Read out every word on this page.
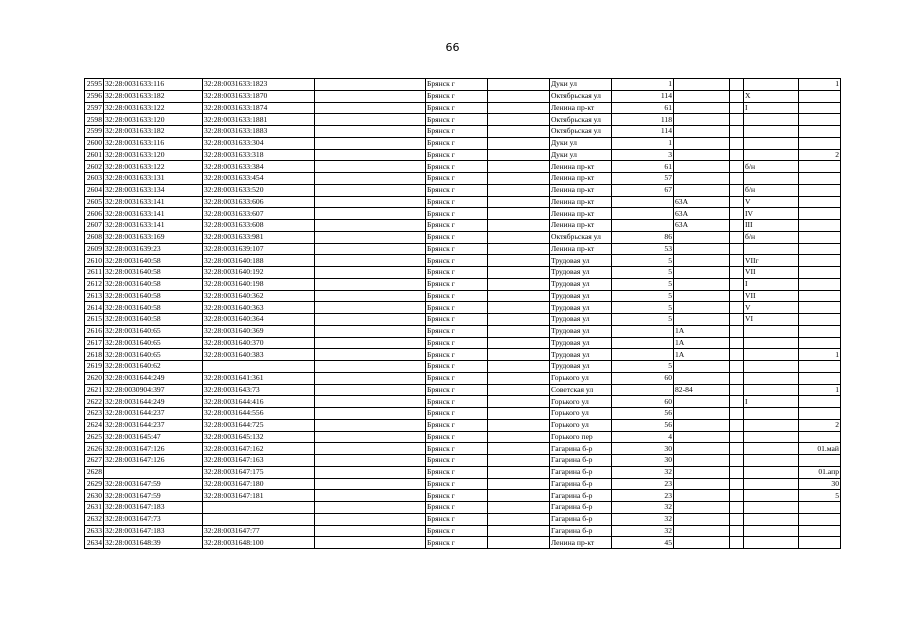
66
2595	32:28:0031633:116	32:28:0031633:1823		Брянск г		Дуки ул	1				1
2596	32:28:0031633:182	32:28:0031633:1870		Брянск г		Октябрьская ул	114			X	
2597	32:28:0031633:122	32:28:0031633:1874		Брянск г		Ленина пр-кт	61			I	
2598	32:28:0031633:120	32:28:0031633:1881		Брянск г		Октябрьская ул	118				
2599	32:28:0031633:182	32:28:0031633:1883		Брянск г		Октябрьская ул	114				
2600	32:28:0031633:116	32:28:0031633:304		Брянск г		Дуки ул	1				
2601	32:28:0031633:120	32:28:0031633:318		Брянск г		Дуки ул	3				2
2602	32:28:0031633:122	32:28:0031633:384		Брянск г		Ленина пр-кт	61			б/н	
2603	32:28:0031633:131	32:28:0031633:454		Брянск г		Ленина пр-кт	57				
2604	32:28:0031633:134	32:28:0031633:520		Брянск г		Ленина пр-кт	67			б/н	
2605	32:28:0031633:141	32:28:0031633:606		Брянск г		Ленина пр-кт		63А		V	
2606	32:28:0031633:141	32:28:0031633:607		Брянск г		Ленина пр-кт		63А		IV	
2607	32:28:0031633:141	32:28:0031633:608		Брянск г		Ленина пр-кт		63А		III	
2608	32:28:0031633:169	32:28:0031633:981		Брянск г		Октябрьская ул	86			б/н	
2609	32:28:0031639:23	32:28:0031639:107		Брянск г		Ленина пр-кт	53				
2610	32:28:0031640:58	32:28:0031640:188		Брянск г		Трудовая ул	5			VIIг	
2611	32:28:0031640:58	32:28:0031640:192		Брянск г		Трудовая ул	5			VII	
2612	32:28:0031640:58	32:28:0031640:198		Брянск г		Трудовая ул	5			I	
2613	32:28:0031640:58	32:28:0031640:362		Брянск г		Трудовая ул	5			VII	
2614	32:28:0031640:58	32:28:0031640:363		Брянск г		Трудовая ул	5			V	
2615	32:28:0031640:58	32:28:0031640:364		Брянск г		Трудовая ул	5			VI	
2616	32:28:0031640:65	32:28:0031640:369		Брянск г		Трудовая ул		1А			
2617	32:28:0031640:65	32:28:0031640:370		Брянск г		Трудовая ул		1А			
2618	32:28:0031640:65	32:28:0031640:383		Брянск г		Трудовая ул		1А			1
2619	32:28:0031640:62			Брянск г		Трудовая ул	5				
2620	32:28:0031644:249	32:28:0031641:361		Брянск г		Горького ул	60				
2621	32:28:0030904:397	32:28:0031643:73		Брянск г		Советская ул		82-84			1
2622	32:28:0031644:249	32:28:0031644:416		Брянск г		Горького ул	60			I	
2623	32:28:0031644:237	32:28:0031644:556		Брянск г		Горького ул	56				
2624	32:28:0031644:237	32:28:0031644:725		Брянск г		Горького ул	56				2
2625	32:28:0031645:47	32:28:0031645:132		Брянск г		Горького пер	4				
2626	32:28:0031647:126	32:28:0031647:162		Брянск г		Гагарина б-р	30				01.май
2627	32:28:0031647:126	32:28:0031647:163		Брянск г		Гагарина б-р	30				
2628		32:28:0031647:175		Брянск г		Гагарина б-р	32				01.апр
2629	32:28:0031647:59	32:28:0031647:180		Брянск г		Гагарина б-р	23				30
2630	32:28:0031647:59	32:28:0031647:181		Брянск г		Гагарина б-р	23				5
2631	32:28:0031647:183			Брянск г		Гагарина б-р	32				
2632	32:28:0031647:73			Брянск г		Гагарина б-р	32				
2633	32:28:0031647:183	32:28:0031647:77		Брянск г		Гагарина б-р	32				
2634	32:28:0031648:39	32:28:0031648:100		Брянск г		Ленина пр-кт	45				
